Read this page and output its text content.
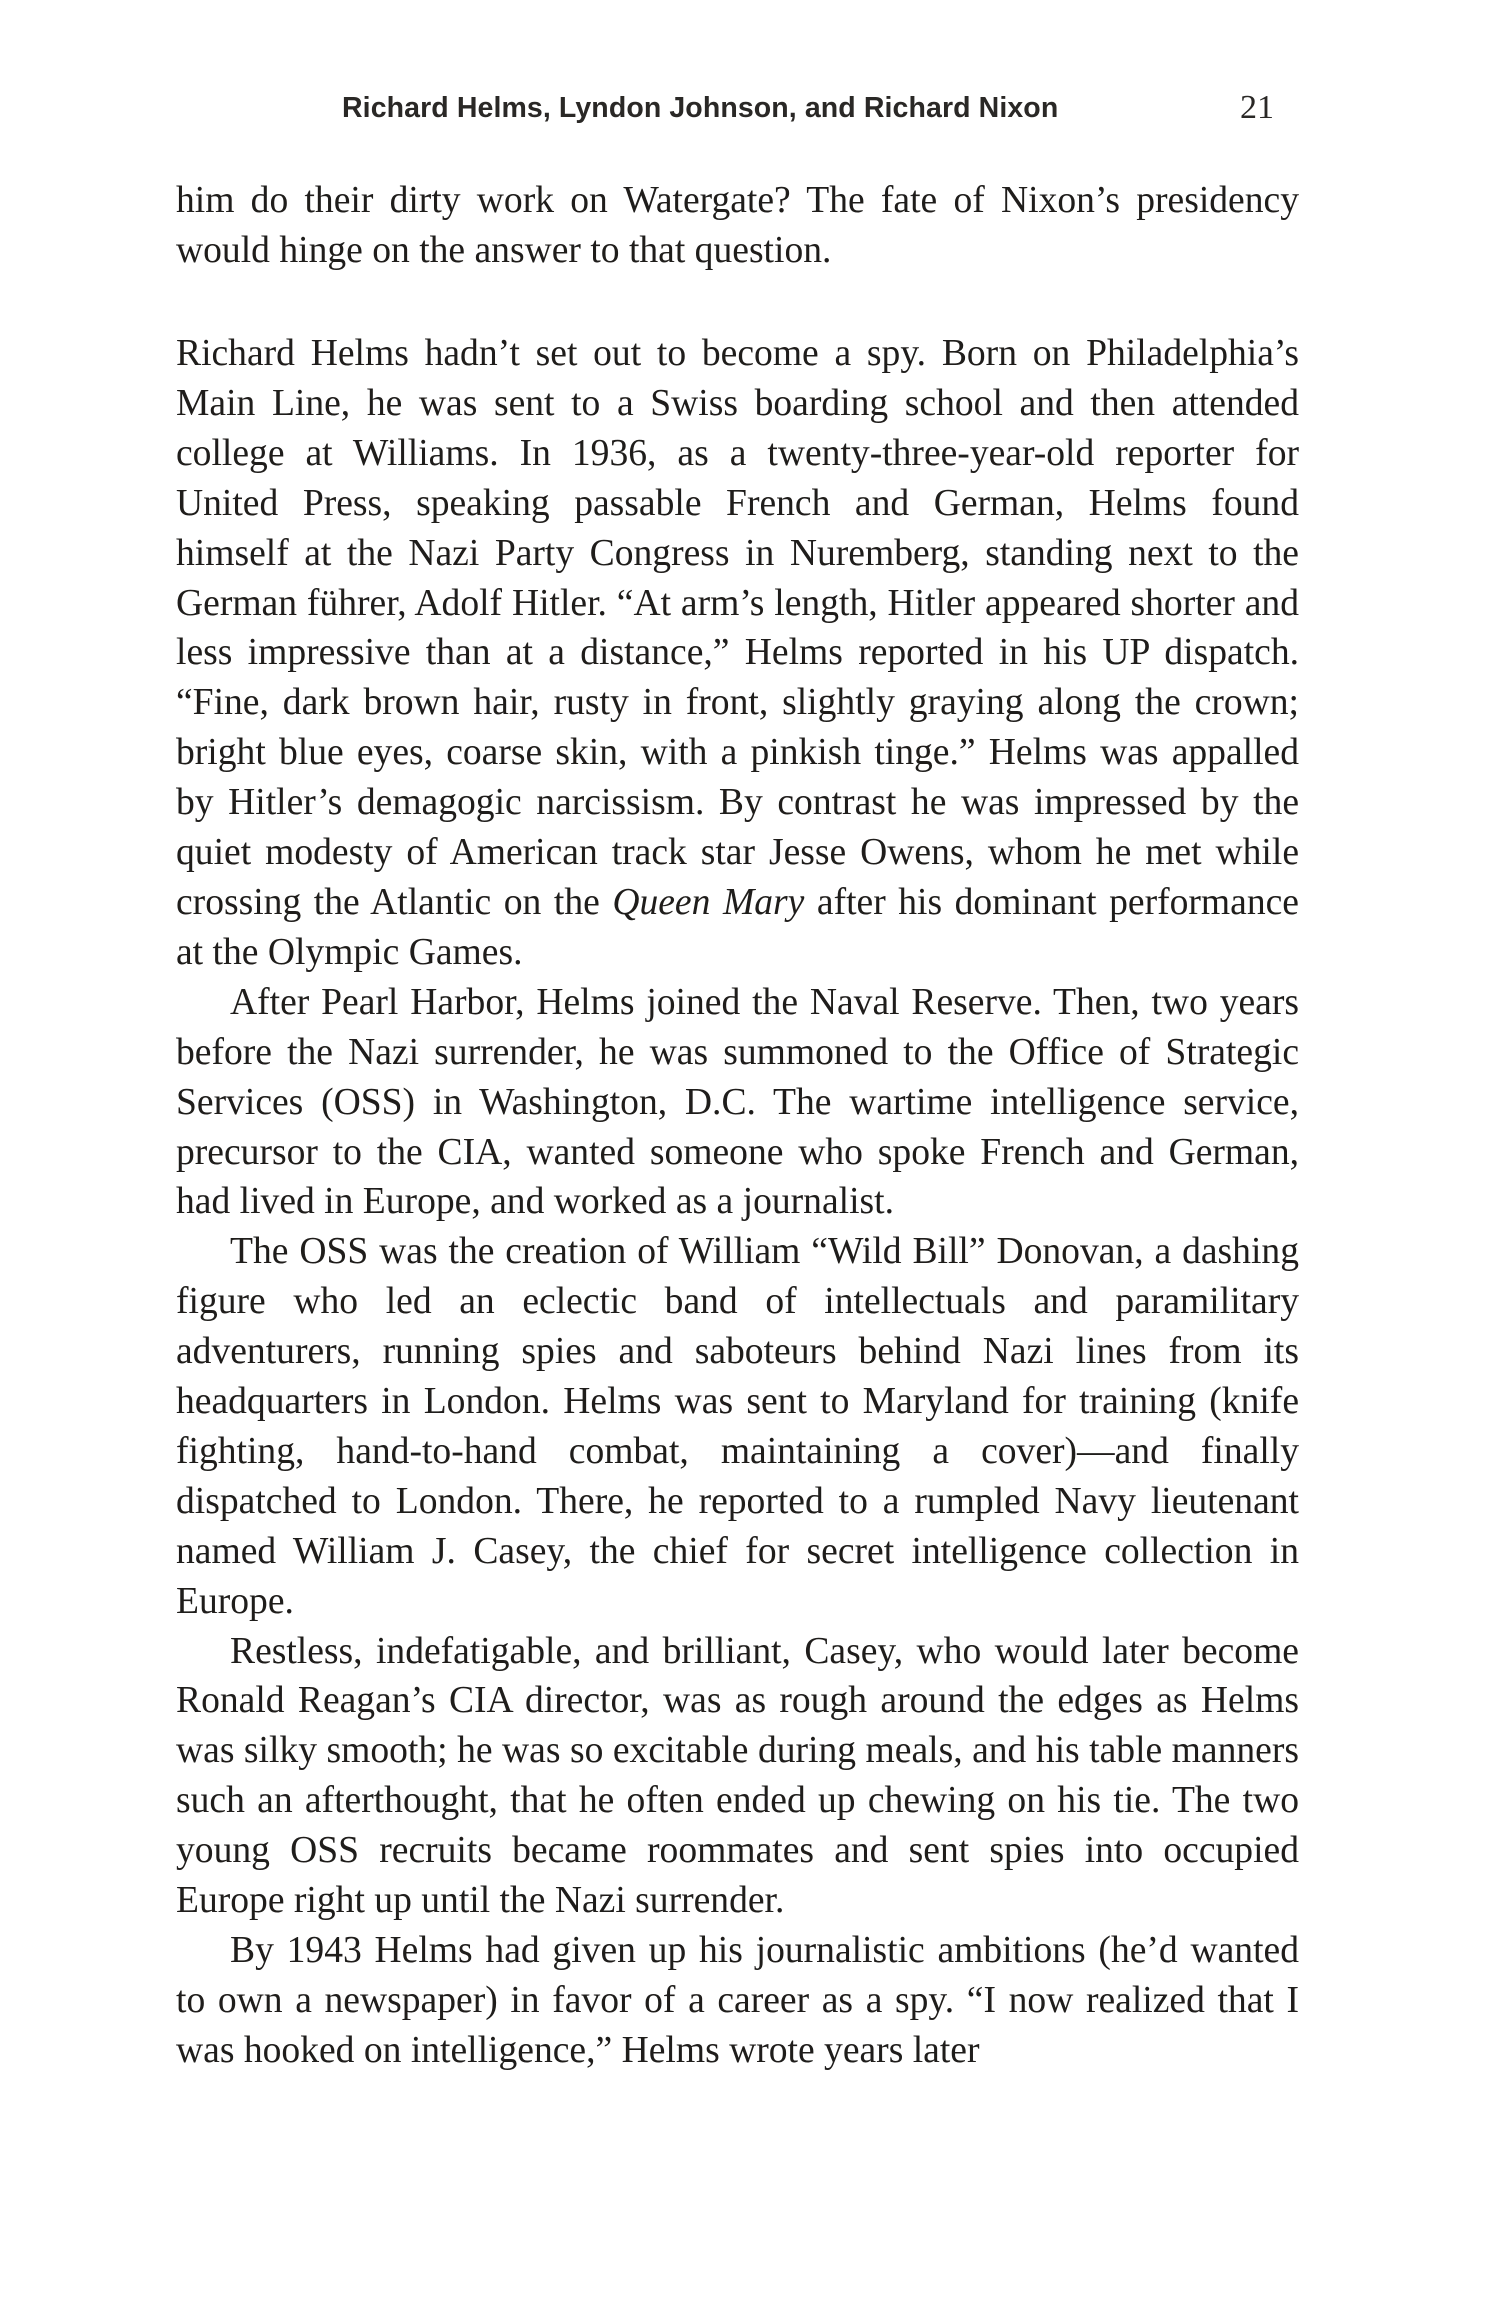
Richard Helms, Lyndon Johnson, and Richard Nixon	21

him do their dirty work on Watergate? The fate of Nixon’s presidency would hinge on the answer to that question.

Richard Helms hadn’t set out to become a spy. Born on Philadelphia’s Main Line, he was sent to a Swiss boarding school and then attended college at Williams. In 1936, as a twenty-three-year-old reporter for United Press, speaking passable French and German, Helms found himself at the Nazi Party Congress in Nuremberg, standing next to the German führer, Adolf Hitler. “At arm’s length, Hitler appeared shorter and less impressive than at a distance,” Helms reported in his UP dispatch. “Fine, dark brown hair, rusty in front, slightly graying along the crown; bright blue eyes, coarse skin, with a pinkish tinge.” Helms was appalled by Hitler’s demagogic narcissism. By contrast he was impressed by the quiet modesty of American track star Jesse Owens, whom he met while crossing the Atlantic on the Queen Mary after his dominant performance at the Olympic Games.

After Pearl Harbor, Helms joined the Naval Reserve. Then, two years before the Nazi surrender, he was summoned to the Office of Strategic Services (OSS) in Washington, D.C. The wartime intelligence service, precursor to the CIA, wanted someone who spoke French and German, had lived in Europe, and worked as a journalist.

The OSS was the creation of William “Wild Bill” Donovan, a dashing figure who led an eclectic band of intellectuals and paramilitary adventurers, running spies and saboteurs behind Nazi lines from its headquarters in London. Helms was sent to Maryland for training (knife fighting, hand-to-hand combat, maintaining a cover)—and finally dispatched to London. There, he reported to a rumpled Navy lieutenant named William J. Casey, the chief for secret intelligence collection in Europe.

Restless, indefatigable, and brilliant, Casey, who would later become Ronald Reagan’s CIA director, was as rough around the edges as Helms was silky smooth; he was so excitable during meals, and his table manners such an afterthought, that he often ended up chewing on his tie. The two young OSS recruits became roommates and sent spies into occupied Europe right up until the Nazi surrender.

By 1943 Helms had given up his journalistic ambitions (he’d wanted to own a newspaper) in favor of a career as a spy. “I now realized that I was hooked on intelligence,” Helms wrote years later
